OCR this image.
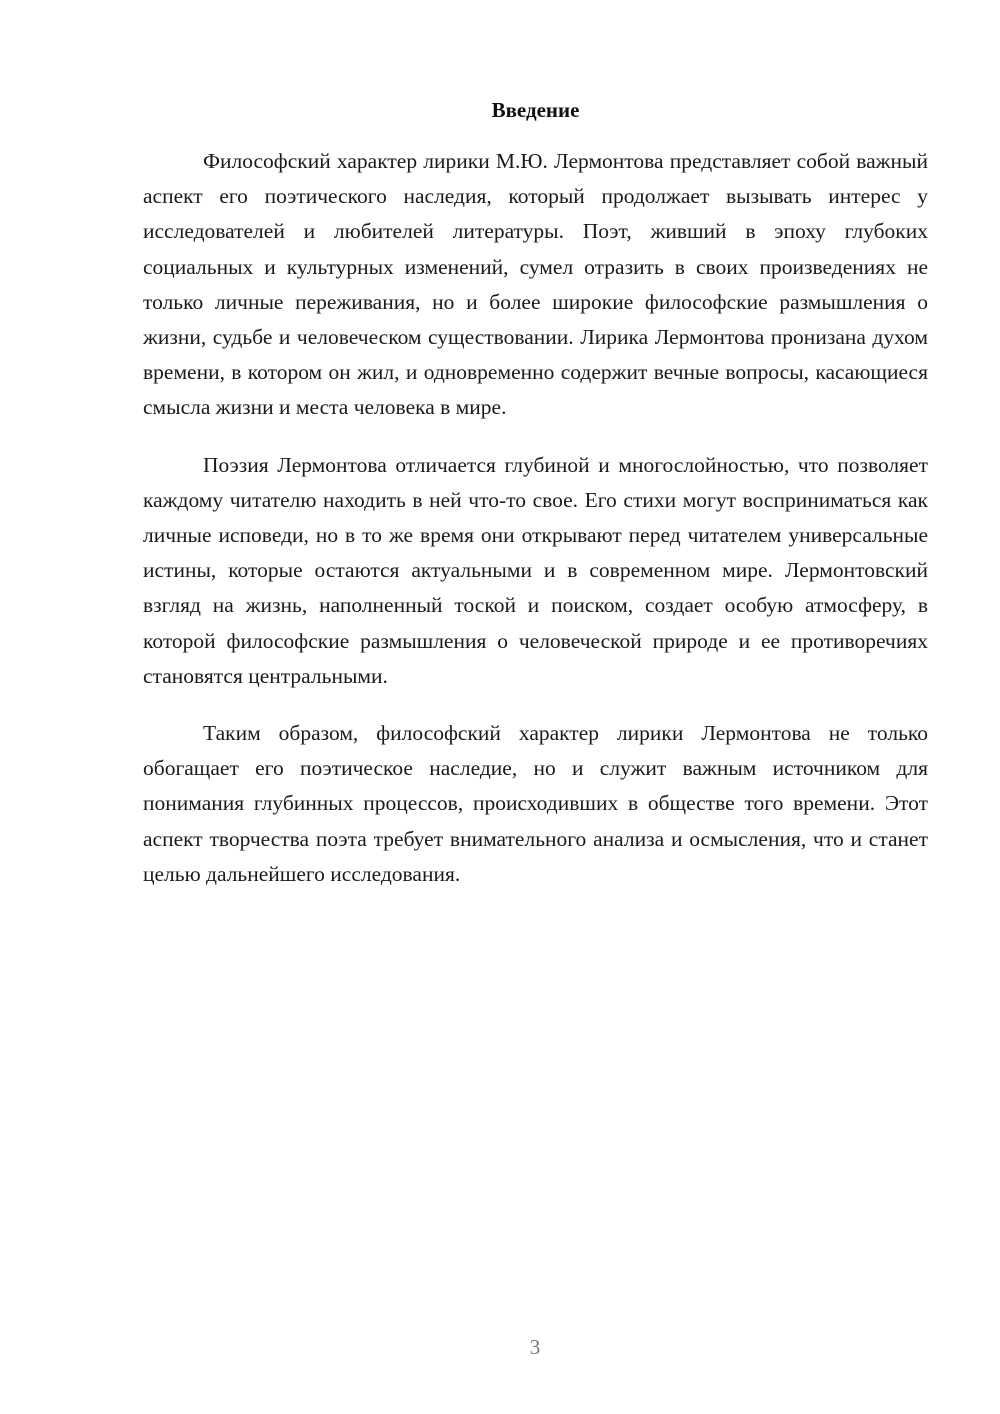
Введение

Философский характер лирики М.Ю. Лермонтова представляет собой важный аспект его поэтического наследия, который продолжает вызывать интерес у исследователей и любителей литературы. Поэт, живший в эпоху глубоких социальных и культурных изменений, сумел отразить в своих произведениях не только личные переживания, но и более широкие философские размышления о жизни, судьбе и человеческом существовании. Лирика Лермонтова пронизана духом времени, в котором он жил, и одновременно содержит вечные вопросы, касающиеся смысла жизни и места человека в мире.

Поэзия Лермонтова отличается глубиной и многослойностью, что позволяет каждому читателю находить в ней что-то свое. Его стихи могут восприниматься как личные исповеди, но в то же время они открывают перед читателем универсальные истины, которые остаются актуальными и в современном мире. Лермонтовский взгляд на жизнь, наполненный тоской и поиском, создает особую атмосферу, в которой философские размышления о человеческой природе и ее противоречиях становятся центральными.

Таким образом, философский характер лирики Лермонтова не только обогащает его поэтическое наследие, но и служит важным источником для понимания глубинных процессов, происходивших в обществе того времени. Этот аспект творчества поэта требует внимательного анализа и осмысления, что и станет целью дальнейшего исследования.

3
